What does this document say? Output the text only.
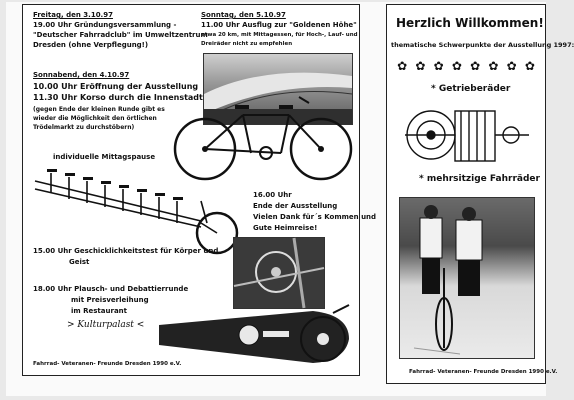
Freitag, den 3.10.97
19.00 Uhr Gründungsversammlung -
"Deutscher Fahrradclub" im Umweltzentrum
Dresden (ohne Verpflegung!)
Sonnabend, den 4.10.97
10.00 Uhr Eröffnung der Ausstellung
11.30 Uhr Korso durch die Innenstadt
(gegen Ende der kleinen Runde gibt es
wieder die Möglichkeit den örtlichen
Trödelmarkt zu durchstöbern)
individuelle Mittagspause
Sonntag, den 5.10.97
11.00 Uhr Ausflug zur "Goldenen Höhe"
etwa 20 km, mit Mittagessen, für Hoch-, Lauf- und
Dreiräder nicht zu empfehlen
16.00 Uhr
Ende der Ausstellung
Vielen Dank für´s Kommen und
Gute Heimreise!
15.00 Uhr Geschicklichkeitstest für Körper und
Geist
18.00 Uhr Plausch- und Debattierrunde
mit Preisverleihung
im Restaurant
> Kulturpalast <
Fahrrad- Veteranen- Freunde Dresden 1990 e.V.
Herzlich Willkommen!
thematische Schwerpunkte der Ausstellung 1997:
✿ ✿ ✿ ✿ ✿ ✿ ✿ ✿
* Getrieberäder
* mehrsitzige Fahrräder
Fahrrad- Veteranen- Freunde Dresden 1990 e.V.
